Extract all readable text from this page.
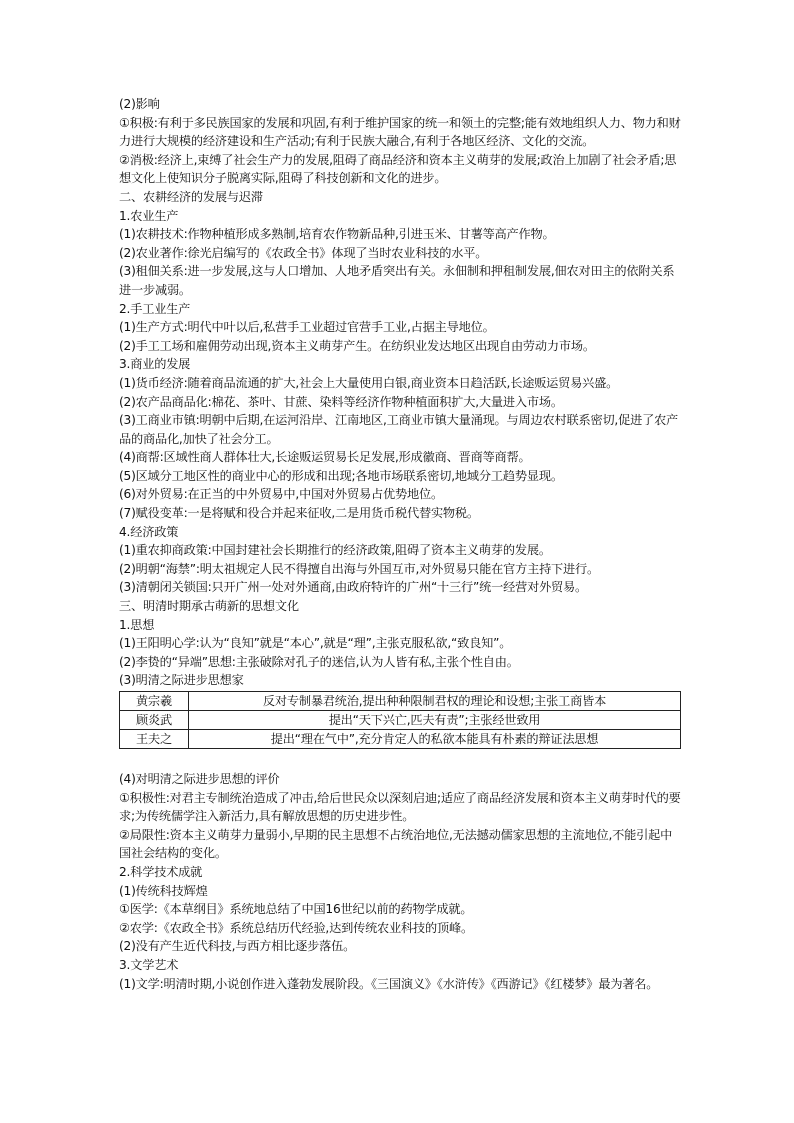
(2)影响
①积极:有利于多民族国家的发展和巩固,有利于维护国家的统一和领土的完整;能有效地组织人力、物力和财力进行大规模的经济建设和生产活动;有利于民族大融合,有利于各地区经济、文化的交流。
②消极:经济上,束缚了社会生产力的发展,阻碍了商品经济和资本主义萌芽的发展;政治上加剧了社会矛盾;思想文化上使知识分子脱离实际,阻碍了科技创新和文化的进步。
二、农耕经济的发展与迟滞
1.农业生产
(1)农耕技术:作物种植形成多熟制,培育农作物新品种,引进玉米、甘薯等高产作物。
(2)农业著作:徐光启编写的《农政全书》体现了当时农业科技的水平。
(3)租佃关系:进一步发展,这与人口增加、人地矛盾突出有关。永佃制和押租制发展,佃农对田主的依附关系进一步减弱。
2.手工业生产
(1)生产方式:明代中叶以后,私营手工业超过官营手工业,占据主导地位。
(2)手工工场和雇佣劳动出现,资本主义萌芽产生。在纺织业发达地区出现自由劳动力市场。
3.商业的发展
(1)货币经济:随着商品流通的扩大,社会上大量使用白银,商业资本日趋活跃,长途贩运贸易兴盛。
(2)农产品商品化:棉花、茶叶、甘蔗、染料等经济作物种植面积扩大,大量进入市场。
(3)工商业市镇:明朝中后期,在运河沿岸、江南地区,工商业市镇大量涌现。与周边农村联系密切,促进了农产品的商品化,加快了社会分工。
(4)商帮:区域性商人群体壮大,长途贩运贸易长足发展,形成徽商、晋商等商帮。
(5)区域分工地区性的商业中心的形成和出现;各地市场联系密切,地域分工趋势显现。
(6)对外贸易:在正当的中外贸易中,中国对外贸易占优势地位。
(7)赋役变革:一是将赋和役合并起来征收,二是用货币税代替实物税。
4.经济政策
(1)重农抑商政策:中国封建社会长期推行的经济政策,阻碍了资本主义萌芽的发展。
(2)明朝“海禁”:明太祖规定人民不得擅自出海与外国互市,对外贸易只能在官方主持下进行。
(3)清朝闭关锁国:只开广州一处对外通商,由政府特许的广州“十三行”统一经营对外贸易。
三、明清时期承古萌新的思想文化
1.思想
(1)王阳明心学:认为“良知”就是“本心”,就是“理”,主张克服私欲,“致良知”。
(2)李贽的“异端”思想:主张破除对孔子的迷信,认为人皆有私,主张个性自由。
(3)明清之际进步思想家
黄宗羲	反对专制暴君统治,提出种种限制君权的理论和设想;主张工商皆本
顾炎武	提出“天下兴亡,匹夫有责”;主张经世致用
王夫之	提出“理在气中”,充分肯定人的私欲本能具有朴素的辩证法思想
(4)对明清之际进步思想的评价
①积极性:对君主专制统治造成了冲击,给后世民众以深刻启迪;适应了商品经济发展和资本主义萌芽时代的要求;为传统儒学注入新活力,具有解放思想的历史进步性。
②局限性:资本主义萌芽力量弱小,早期的民主思想不占统治地位,无法撼动儒家思想的主流地位,不能引起中国社会结构的变化。
2.科学技术成就
(1)传统科技辉煌
①医学:《本草纲目》系统地总结了中国16世纪以前的药物学成就。
②农学:《农政全书》系统总结历代经验,达到传统农业科技的顶峰。
(2)没有产生近代科技,与西方相比逐步落伍。
3.文学艺术
(1)文学:明清时期,小说创作进入蓬勃发展阶段。《三国演义》《水浒传》《西游记》《红楼梦》最为著名。
